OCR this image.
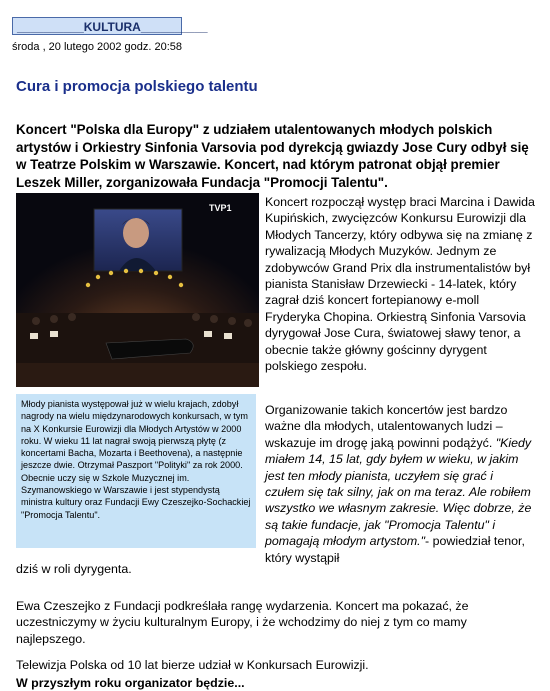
__________KULTURA__________
środa , 20 lutego 2002 godz. 20:58
Cura i promocja polskiego talentu
Koncert "Polska dla Europy" z udziałem utalentowanych młodych polskich artystów i Orkiestry Sinfonia Varsovia pod dyrekcją gwiazdy Jose Cury odbył się w Teatrze Polskim w Warszawie. Koncert, nad którym patronat objął premier Leszek Miller, zorganizowała Fundacja "Promocji Talentu".
TVP1
Młody pianista występował już w wielu krajach, zdobył nagrody na wielu międzynarodowych konkursach, w tym na X Konkursie Eurowizji dla Młodych Artystów w 2000 roku. W wieku 11 lat nagrał swoją pierwszą płytę (z koncertami Bacha, Mozarta i Beethovena), a następnie jeszcze dwie. Otrzymał Paszport "Polityki" za rok 2000. Obecnie uczy się w Szkole Muzycznej im. Szymanowskiego w Warszawie i jest stypendystą ministra kultury oraz Fundacji Ewy Czeszejko-Sochackiej "Promocja Talentu".

Koncert rozpoczął występ braci Marcina i Dawida Kupińskich, zwycięzców Konkursu Eurowizji dla Młodych Tancerzy, który odbywa się na zmianę z rywalizacją Młodych Muzyków. Jednym ze zdobywców Grand Prix dla instrumentalistów był pianista Stanisław Drzewiecki - 14-latek, który zagrał dziś koncert fortepianowy e-moll Fryderyka Chopina. Orkiestrą Sinfonia Varsovia dyrygował Jose Cura, światowej sławy tenor, a obecnie także główny gościnny dyrygent polskiego zespołu.

Organizowanie takich koncertów jest bardzo ważne dla młodych, utalentowanych ludzi – wskazuje im drogę jaką powinni podążyć. "Kiedy miałem 14, 15 lat, gdy byłem w wieku, w jakim jest ten młody pianista, uczyłem się grać i czułem się tak silny, jak on ma teraz. Ale robiłem wszystko we własnym zakresie. Więc dobrze, że są takie fundacje, jak "Promocja Talentu" i pomagają młodym artystom."- powiedział tenor, który wystąpił

dziś w roli dyrygenta.

Ewa Czeszejko z Fundacji podkreślała rangę wydarzenia. Koncert ma pokazać, że uczestniczymy w życiu kulturalnym Europy, i że wchodzimy do niej z tym co mamy najlepszego.

Telewizja Polska od 10 lat bierze udział w Konkursach Eurowizji.

W przyszłym roku organizator będzie...
